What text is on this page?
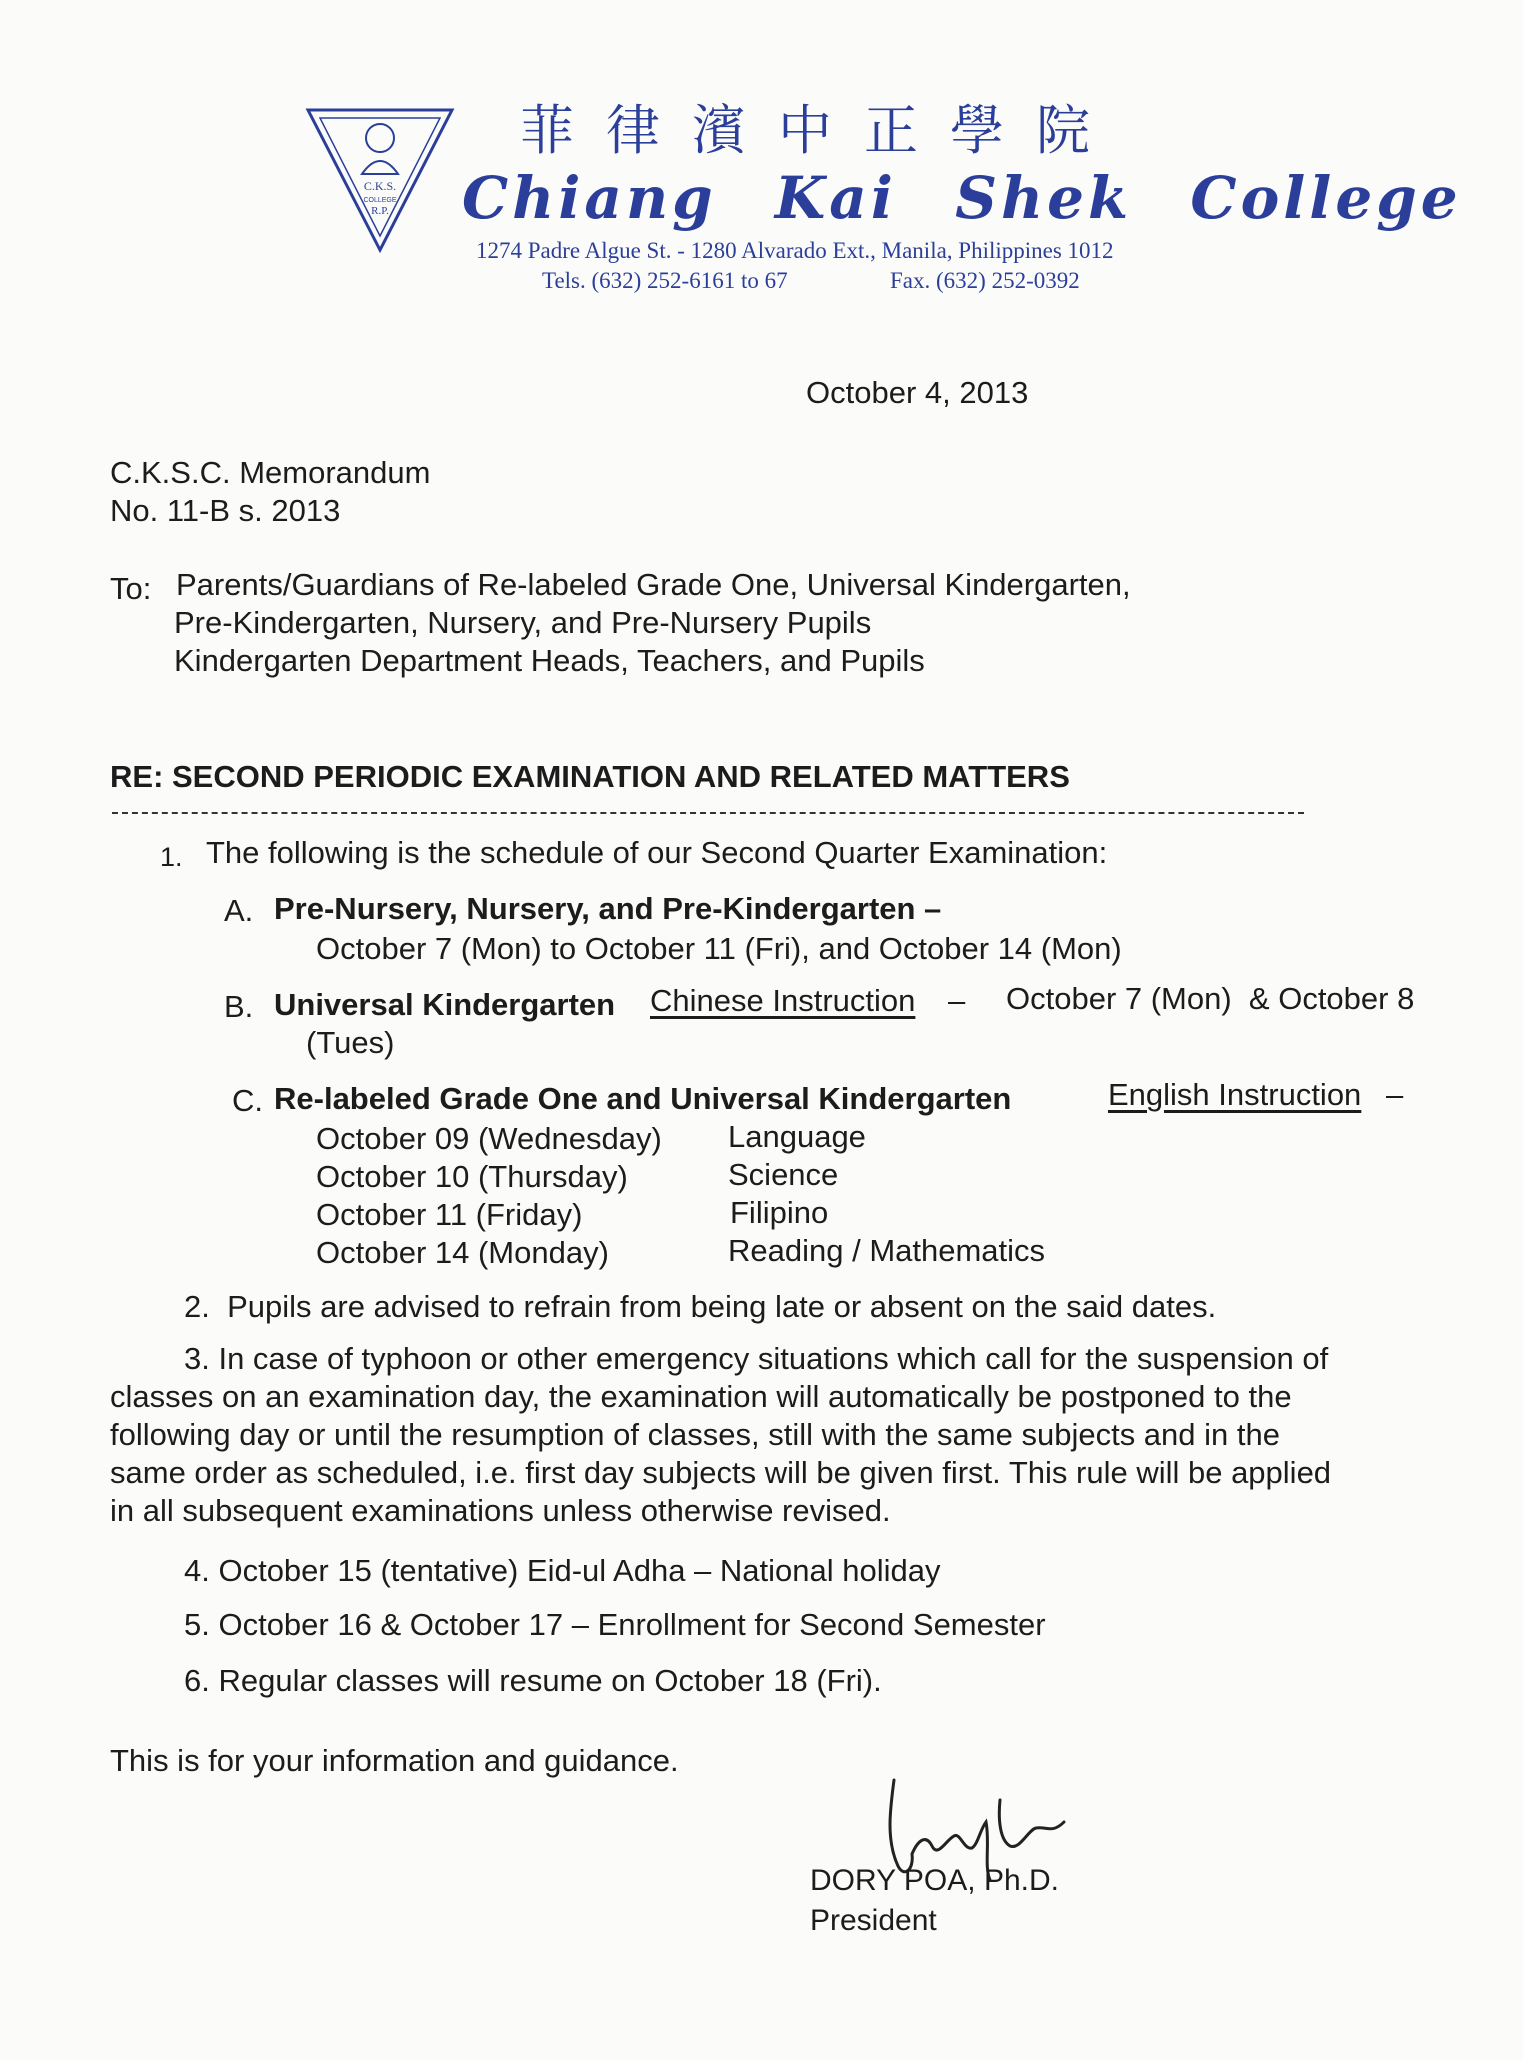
C.K.S.
COLLEGE
R.P.
菲律濱中正學院
Chiang Kai Shek College
1274 Padre Algue St. - 1280 Alvarado Ext., Manila, Philippines 1012
Tels. (632) 252-6161 to 67	Fax. (632) 252-0392
October 4, 2013
C.K.S.C. Memorandum
No. 11-B s. 2013
To: Parents/Guardians of Re-labeled Grade One, Universal Kindergarten,
Pre-Kindergarten, Nursery, and Pre-Nursery Pupils
Kindergarten Department Heads, Teachers, and Pupils
RE: SECOND PERIODIC EXAMINATION AND RELATED MATTERS
1. The following is the schedule of our Second Quarter Examination:
A. Pre-Nursery, Nursery, and Pre-Kindergarten –
October 7 (Mon) to October 11 (Fri), and October 14 (Mon)
B. Universal Kindergarten Chinese Instruction – October 7 (Mon)  & October 8
(Tues)
C. Re-labeled Grade One and Universal Kindergarten	English Instruction –
October 09 (Wednesday) Language
October 10 (Thursday)	Science
October 11 (Friday)	Filipino
October 14 (Monday)	Reading / Mathematics
2.  Pupils are advised to refrain from being late or absent on the said dates.
3. In case of typhoon or other emergency situations which call for the suspension of
classes on an examination day, the examination will automatically be postponed to the
following day or until the resumption of classes, still with the same subjects and in the
same order as scheduled, i.e. first day subjects will be given first. This rule will be applied
in all subsequent examinations unless otherwise revised.
4. October 15 (tentative) Eid-ul Adha – National holiday
5. October 16 & October 17 – Enrollment for Second Semester
6. Regular classes will resume on October 18 (Fri).
This is for your information and guidance.
DORY POA, Ph.D.
President
